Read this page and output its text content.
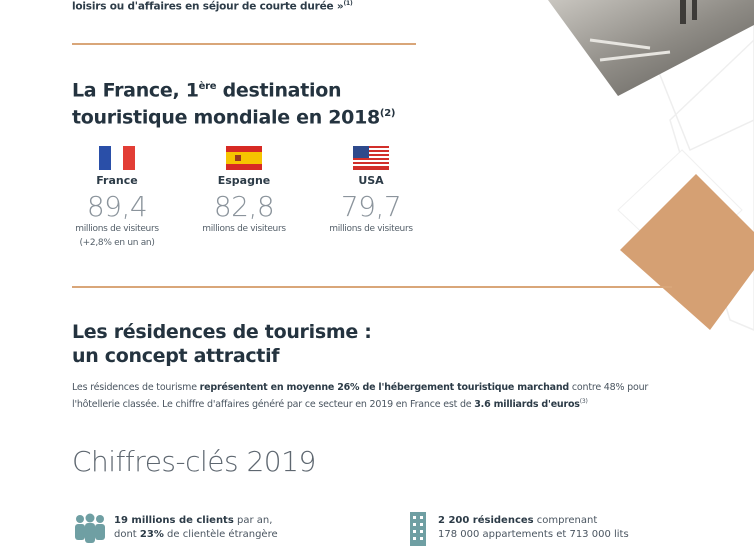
loisirs ou d'affaires en séjour de courte durée »$^{(1)}$
La France, 1ère destination
touristique mondiale en 2018$^{(2)}$
France
89,4
millions de visiteurs
(+2,8% en un an)
Espagne
82,8
millions de visiteurs
USA
79,7
millions de visiteurs
Les résidences de tourisme :
un concept attractif
Les résidences de tourisme représentent en moyenne 26% de l'hébergement touristique marchand contre 48% pour l'hôtellerie classée. Le chiffre d'affaires généré par ce secteur en 2019 en France est de 3.6 milliards d'euros$^{(3)}$
Chiffres-clés 2019
19 millions de clients par an,
dont 23% de clientèle étrangère
2 200 résidences comprenant
178 000 appartements et 713 000 lits
